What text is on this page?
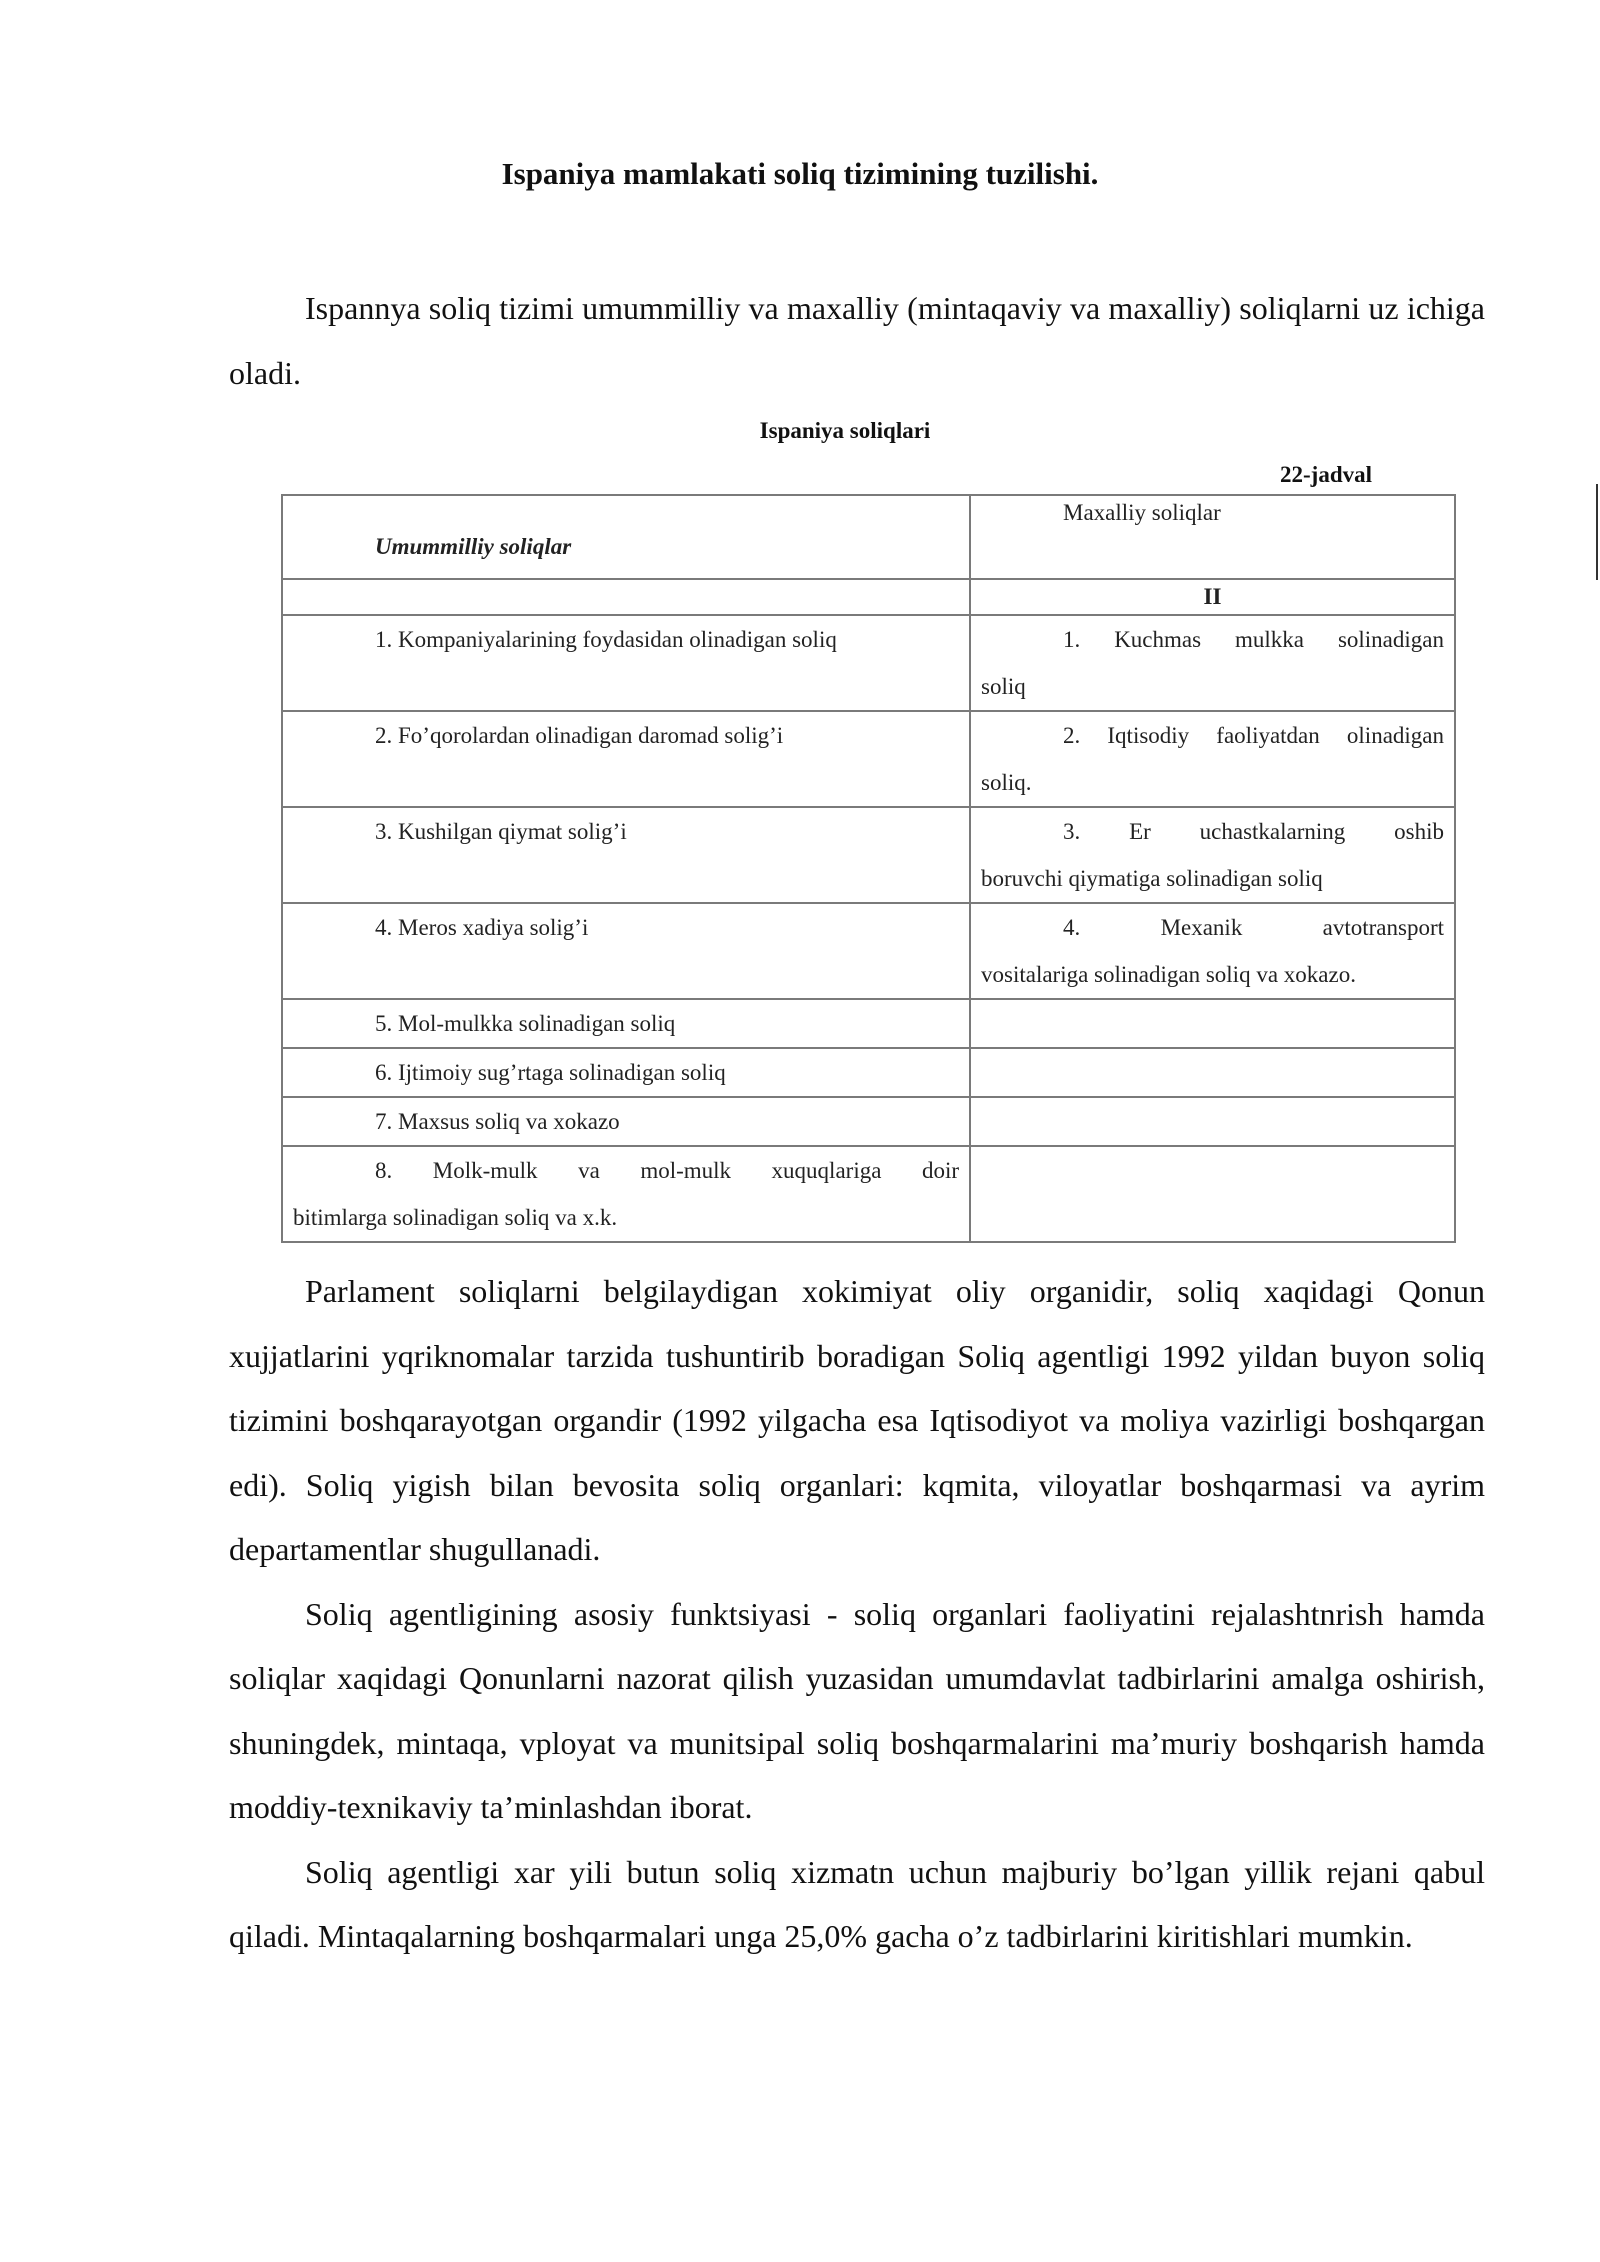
Ispaniya mamlakati soliq tizimining tuzilishi.

Ispannya soliq tizimi umummilliy va maxalliy (mintaqaviy va maxalliy) soliqlarni uz ichiga oladi.

Ispaniya soliqlari
22-jadval
Umummilliy soliqlar	Maxalliy soliqlar

	II

1. Kompaniyalarining foydasidan olinadigan soliq	1. Kuchmas mulkka solinadigan
soliq

2. Fo’qorolardan olinadigan daromad solig’i	2. Iqtisodiy faoliyatdan olinadigan
soliq.

3. Kushilgan qiymat solig’i	3. Er uchastkalarning oshib
boruvchi qiymatiga solinadigan soliq

4. Meros xadiya solig’i	4. Mexanik avtotransport
vositalariga solinadigan soliq va xokazo.

5. Mol-mulkka solinadigan soliq	

6. Ijtimoiy sug’rtaga solinadigan soliq	

7. Maxsus soliq va xokazo	

8. Molk-mulk va mol-mulk xuquqlariga doir
bitimlarga solinadigan soliq va x.k.	

Parlament soliqlarni belgilaydigan xokimiyat oliy organidir, soliq xaqidagi Qonun xujjatlarini yqriknomalar tarzida tushuntirib boradigan Soliq agentligi 1992 yildan buyon soliq tizimini boshqarayotgan organdir (1992 yilgacha esa Iqtisodiyot va moliya vazirligi boshqargan edi). Soliq yigish bilan bevosita soliq organlari: kqmita, viloyatlar boshqarmasi va ayrim departamentlar shugullanadi.

Soliq agentligining asosiy funktsiyasi - soliq organlari faoliyatini rejalashtnrish hamda soliqlar xaqidagi Qonunlarni nazorat qilish yuzasidan umumdavlat tadbirlarini amalga oshirish, shuningdek, mintaqa, vployat va munitsipal soliq boshqarmalarini ma’muriy boshqarish hamda moddiy-texnikaviy ta’minlashdan iborat.

Soliq agentligi xar yili butun soliq xizmatn uchun majburiy bo’lgan yillik rejani qabul qiladi. Mintaqalarning boshqarmalari unga 25,0% gacha o’z tadbirlarini kiritishlari mumkin.
